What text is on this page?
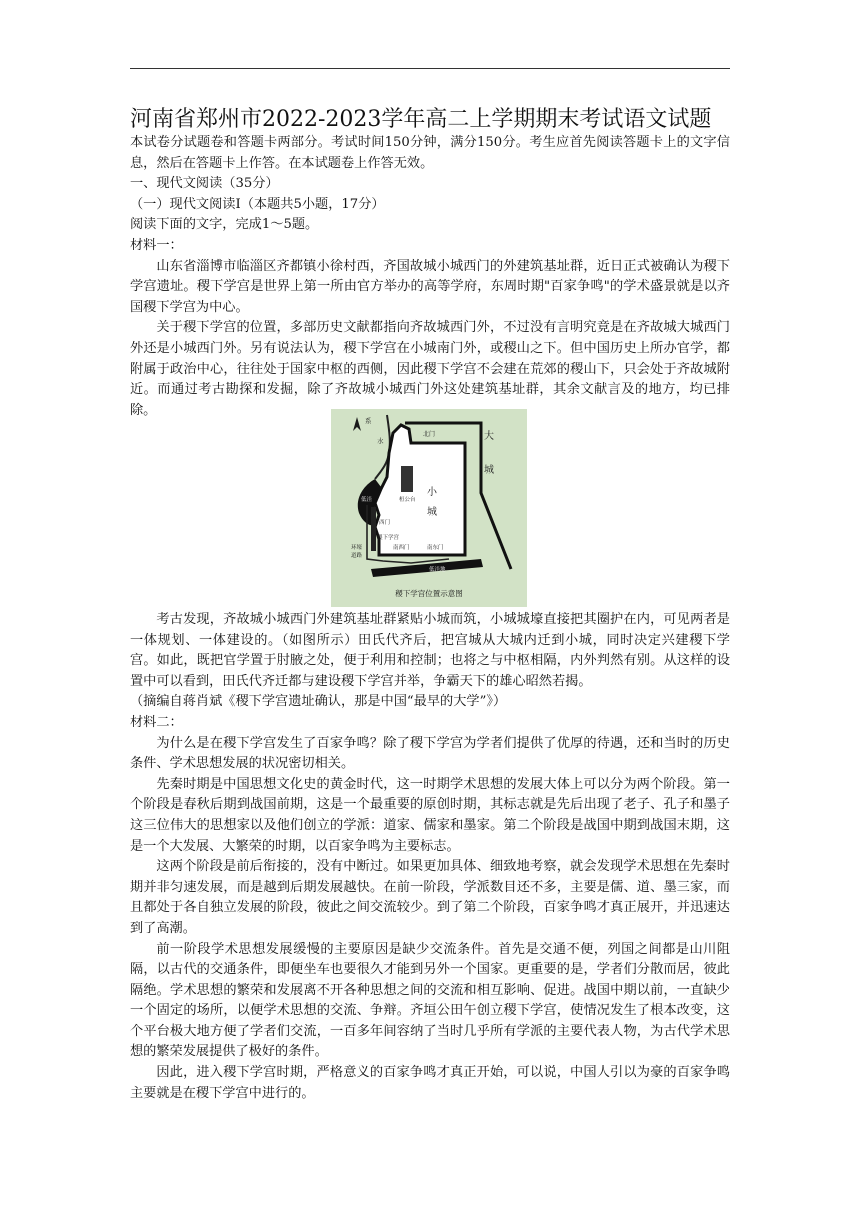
河南省郑州市2022-2023学年高二上学期期末考试语文试题

本试卷分试题卷和答题卡两部分。考试时间150分钟，满分150分。考生应首先阅读答题卡上的文字信息，然后在答题卡上作答。在本试题卷上作答无效。

一、现代文阅读（35分）

（一）现代文阅读Ⅰ（本题共5小题，17分）

阅读下面的文字，完成1～5题。

材料一：

山东省淄博市临淄区齐都镇小徐村西，齐国故城小城西门的外建筑基址群，近日正式被确认为稷下学宫遗址。稷下学宫是世界上第一所由官方举办的高等学府，东周时期"百家争鸣"的学术盛景就是以齐国稷下学宫为中心。

关于稷下学宫的位置，多部历史文献都指向齐故城西门外，不过没有言明究竟是在齐故城大城西门外还是小城西门外。另有说法认为，稷下学宫在小城南门外，或稷山之下。但中国历史上所办官学，都附属于政治中心，往往处于国家中枢的西侧，因此稷下学宫不会建在荒郊的稷山下，只会处于齐故城附近。而通过考古勘探和发掘，除了齐故城小城西门外这处建筑基址群，其余文献言及的地方，均已排除。

系
水
北门	大
城
小
城
桓公台
低洼
西门
稷下学宫
环壕
道路
南西门	南东门
低洼地
稷下学宫位置示意图

考古发现，齐故城小城西门外建筑基址群紧贴小城而筑，小城城壕直接把其圈护在内，可见两者是一体规划、一体建设的。（如图所示）田氏代齐后，把宫城从大城内迁到小城，同时决定兴建稷下学宫。如此，既把官学置于肘腋之处，便于利用和控制；也将之与中枢相隔，内外判然有别。从这样的设置中可以看到，田氏代齐迁都与建设稷下学宫并举，争霸天下的雄心昭然若揭。

（摘编自蒋肖斌《稷下学宫遗址确认，那是中国“最早的大学”》）

材料二：

为什么是在稷下学宫发生了百家争鸣？除了稷下学宫为学者们提供了优厚的待遇，还和当时的历史条件、学术思想发展的状况密切相关。

先秦时期是中国思想文化史的黄金时代，这一时期学术思想的发展大体上可以分为两个阶段。第一个阶段是春秋后期到战国前期，这是一个最重要的原创时期，其标志就是先后出现了老子、孔子和墨子这三位伟大的思想家以及他们创立的学派：道家、儒家和墨家。第二个阶段是战国中期到战国末期，这是一个大发展、大繁荣的时期，以百家争鸣为主要标志。

这两个阶段是前后衔接的，没有中断过。如果更加具体、细致地考察，就会发现学术思想在先秦时期并非匀速发展，而是越到后期发展越快。在前一阶段，学派数目还不多，主要是儒、道、墨三家，而且都处于各自独立发展的阶段，彼此之间交流较少。到了第二个阶段，百家争鸣才真正展开，并迅速达到了高潮。

前一阶段学术思想发展缓慢的主要原因是缺少交流条件。首先是交通不便，列国之间都是山川阻隔，以古代的交通条件，即便坐车也要很久才能到另外一个国家。更重要的是，学者们分散而居，彼此隔绝。学术思想的繁荣和发展离不开各种思想之间的交流和相互影响、促进。战国中期以前，一直缺少一个固定的场所，以便学术思想的交流、争辩。齐垣公田午创立稷下学宫，使情况发生了根本改变，这个平台极大地方便了学者们交流，一百多年间容纳了当时几乎所有学派的主要代表人物，为古代学术思想的繁荣发展提供了极好的条件。

因此，进入稷下学宫时期，严格意义的百家争鸣才真正开始，可以说，中国人引以为豪的百家争鸣主要就是在稷下学宫中进行的。
